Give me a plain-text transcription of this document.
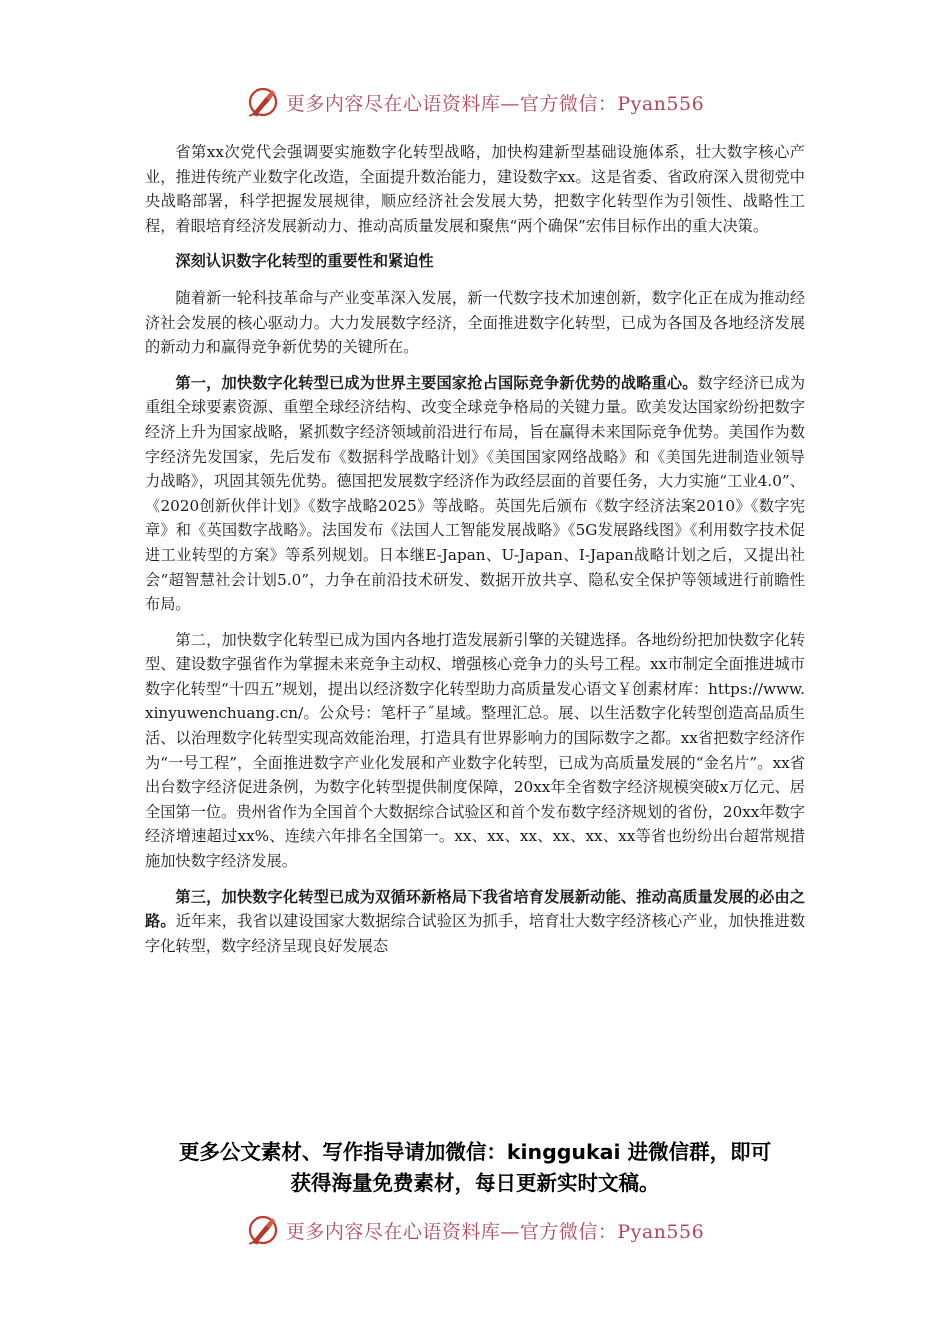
更多内容尽在心语资料库—官方微信：Pyan556

省第xx次党代会强调要实施数字化转型战略，加快构建新型基础设施体系，壮大数字核心产业，推进传统产业数字化改造，全面提升数治能力，建设数字xx。这是省委、省政府深入贯彻党中央战略部署，科学把握发展规律，顺应经济社会发展大势，把数字化转型作为引领性、战略性工程，着眼培育经济发展新动力、推动高质量发展和聚焦“两个确保”宏伟目标作出的重大决策。

深刻认识数字化转型的重要性和紧迫性

随着新一轮科技革命与产业变革深入发展，新一代数字技术加速创新，数字化正在成为推动经济社会发展的核心驱动力。大力发展数字经济，全面推进数字化转型，已成为各国及各地经济发展的新动力和赢得竞争新优势的关键所在。

第一，加快数字化转型已成为世界主要国家抢占国际竞争新优势的战略重心。数字经济已成为重组全球要素资源、重塑全球经济结构、改变全球竞争格局的关键力量。欧美发达国家纷纷把数字经济上升为国家战略，紧抓数字经济领域前沿进行布局，旨在赢得未来国际竞争优势。美国作为数字经济先发国家，先后发布《数据科学战略计划》《美国国家网络战略》和《美国先进制造业领导力战略》，巩固其领先优势。德国把发展数字经济作为政经层面的首要任务，大力实施“工业4.0”、《2020创新伙伴计划》《数字战略2025》等战略。英国先后颁布《数字经济法案2010》《数字宪章》和《英国数字战略》。法国发布《法国人工智能发展战略》《5G发展路线图》《利用数字技术促进工业转型的方案》等系列规划。日本继E-Japan、U-Japan、I-Japan战略计划之后，又提出社会“超智慧社会计划5.0”，力争在前沿技术研发、数据开放共享、隐私安全保护等领域进行前瞻性布局。

第二，加快数字化转型已成为国内各地打造发展新引擎的关键选择。各地纷纷把加快数字化转型、建设数字强省作为掌握未来竞争主动权、增强核心竞争力的头号工程。xx市制定全面推进城市数字化转型“十四五”规划，提出以经济数字化转型助力高质量发心语文￥创素材库：https://www.xinyuwenchuang.cn/。公众号：笔杆子˝星域。整理汇总。展、以生活数字化转型创造高品质生活、以治理数字化转型实现高效能治理，打造具有世界影响力的国际数字之都。xx省把数字经济作为“一号工程”，全面推进数字产业化发展和产业数字化转型，已成为高质量发展的“金名片”。xx省出台数字经济促进条例，为数字化转型提供制度保障，20xx年全省数字经济规模突破x万亿元、居全国第一位。贵州省作为全国首个大数据综合试验区和首个发布数字经济规划的省份，20xx年数字经济增速超过xx%、连续六年排名全国第一。xx、xx、xx、xx、xx、xx等省也纷纷出台超常规措施加快数字经济发展。

第三，加快数字化转型已成为双循环新格局下我省培育发展新动能、推动高质量发展的必由之路。近年来，我省以建设国家大数据综合试验区为抓手，培育壮大数字经济核心产业，加快推进数字化转型，数字经济呈现良好发展态

更多公文素材、写作指导请加微信：kinggukai 进微信群，即可
获得海量免费素材，每日更新实时文稿。
更多内容尽在心语资料库—官方微信：Pyan556
